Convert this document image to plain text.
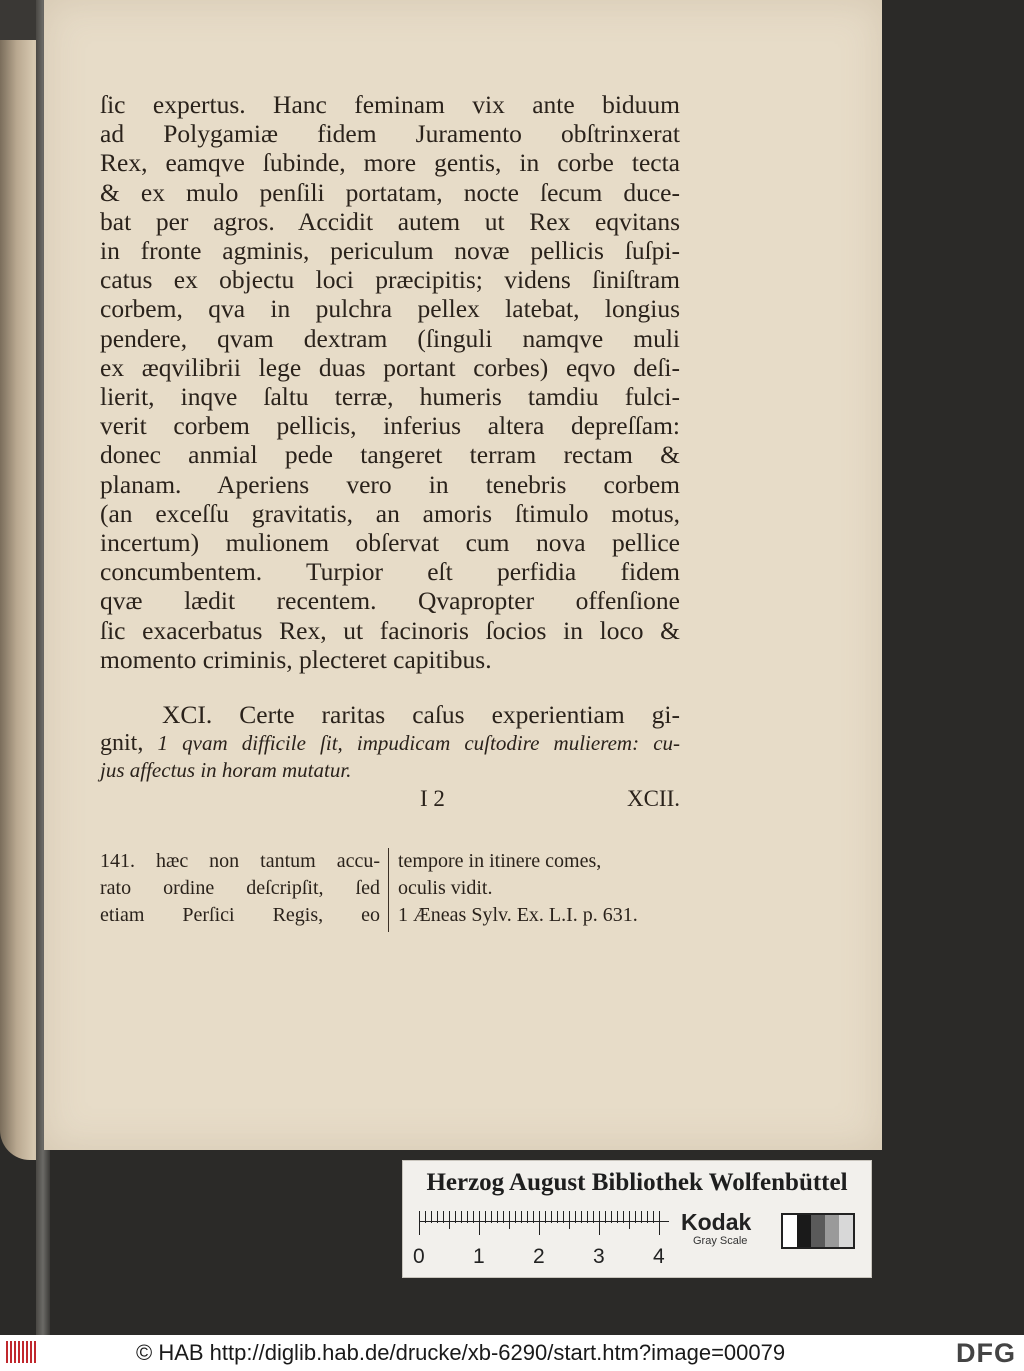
ſic expertus. Hanc feminam vix ante biduum
ad Polygamiæ fidem Juramento obſtrinxerat
Rex, eamqve ſubinde, more gentis, in corbe tecta
& ex mulo penſili portatam, nocte ſecum duce-
bat per agros. Accidit autem ut Rex eqvitans
in fronte agminis, periculum novæ pellicis ſuſpi-
catus ex objectu loci præcipitis; videns ſiniſtram
corbem, qva in pulchra pellex latebat, longius
pendere, qvam dextram (ſinguli namqve muli
ex æqvilibrii lege duas portant corbes) eqvo deſi-
lierit, inqve ſaltu terræ, humeris tamdiu fulci-
verit corbem pellicis, inferius altera depreſſam:
donec anmial pede tangeret terram rectam &
planam. Aperiens vero in tenebris corbem
(an exceſſu gravitatis, an amoris ſtimulo motus,
incertum) mulionem obſervat cum nova pellice
concumbentem. Turpior eſt perfidia fidem
qvæ lædit recentem. Qvapropter offenſione
ſic exacerbatus Rex, ut facinoris ſocios in loco &
momento criminis, plecteret capitibus.
XCI. Certe raritas caſus experientiam gi-
gnit, 1 qvam difficile ſit, impudicam cuſtodire mulierem: cu-
jus affectus in horam mutatur.
I 2	XCII.
141. hæc non tantum accu-
rato ordine deſcripſit, ſed
etiam Perſici Regis, eo
tempore in itinere comes,
oculis vidit.
1 Æneas Sylv. Ex. L.I. p. 631.
Herzog August Bibliothek Wolfenbüttel
0 1 2 3 4
Kodak
Gray Scale
© HAB http://diglib.hab.de/drucke/xb-6290/start.htm?image=00079	DFG
